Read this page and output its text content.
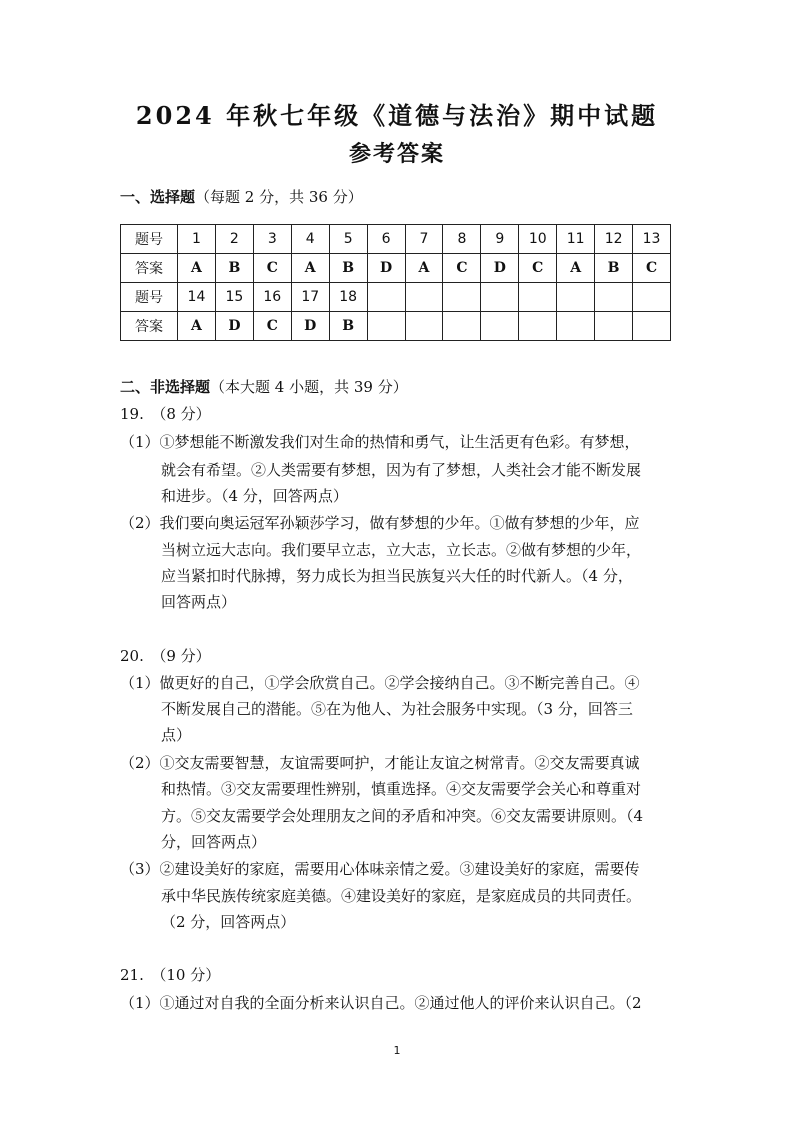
2024 年秋七年级《道德与法治》期中试题
参考答案
一、选择题（每题 2 分，共 36 分）
题号	1	2	3	4	5	6	7	8	9	10	11	12	13
答案	A	B	C	A	B	D	A	C	D	C	A	B	C
题号	14	15	16	17	18								
答案	A	D	C	D	B								
二、非选择题（本大题 4 小题，共 39 分）
19.　（8 分）
（1）①梦想能不断激发我们对生命的热情和勇气，让生活更有色彩。有梦想，
就会有希望。②人类需要有梦想，因为有了梦想，人类社会才能不断发展
和进步。（4 分，回答两点）
（2）我们要向奥运冠军孙颖莎学习，做有梦想的少年。①做有梦想的少年，应
当树立远大志向。我们要早立志，立大志，立长志。②做有梦想的少年，
应当紧扣时代脉搏，努力成长为担当民族复兴大任的时代新人。（4 分，
回答两点）
20.　（9 分）
（1）做更好的自己，①学会欣赏自己。②学会接纳自己。③不断完善自己。④
不断发展自己的潜能。⑤在为他人、为社会服务中实现。（3 分，回答三
点）
（2）①交友需要智慧，友谊需要呵护，才能让友谊之树常青。②交友需要真诚
和热情。③交友需要理性辨别，慎重选择。④交友需要学会关心和尊重对
方。⑤交友需要学会处理朋友之间的矛盾和冲突。⑥交友需要讲原则。（4
分，回答两点）
（3）②建设美好的家庭，需要用心体味亲情之爱。③建设美好的家庭，需要传
承中华民族传统家庭美德。④建设美好的家庭，是家庭成员的共同责任。
（2 分，回答两点）
21.　（10 分）
（1）①通过对自我的全面分析来认识自己。②通过他人的评价来认识自己。（2
1
